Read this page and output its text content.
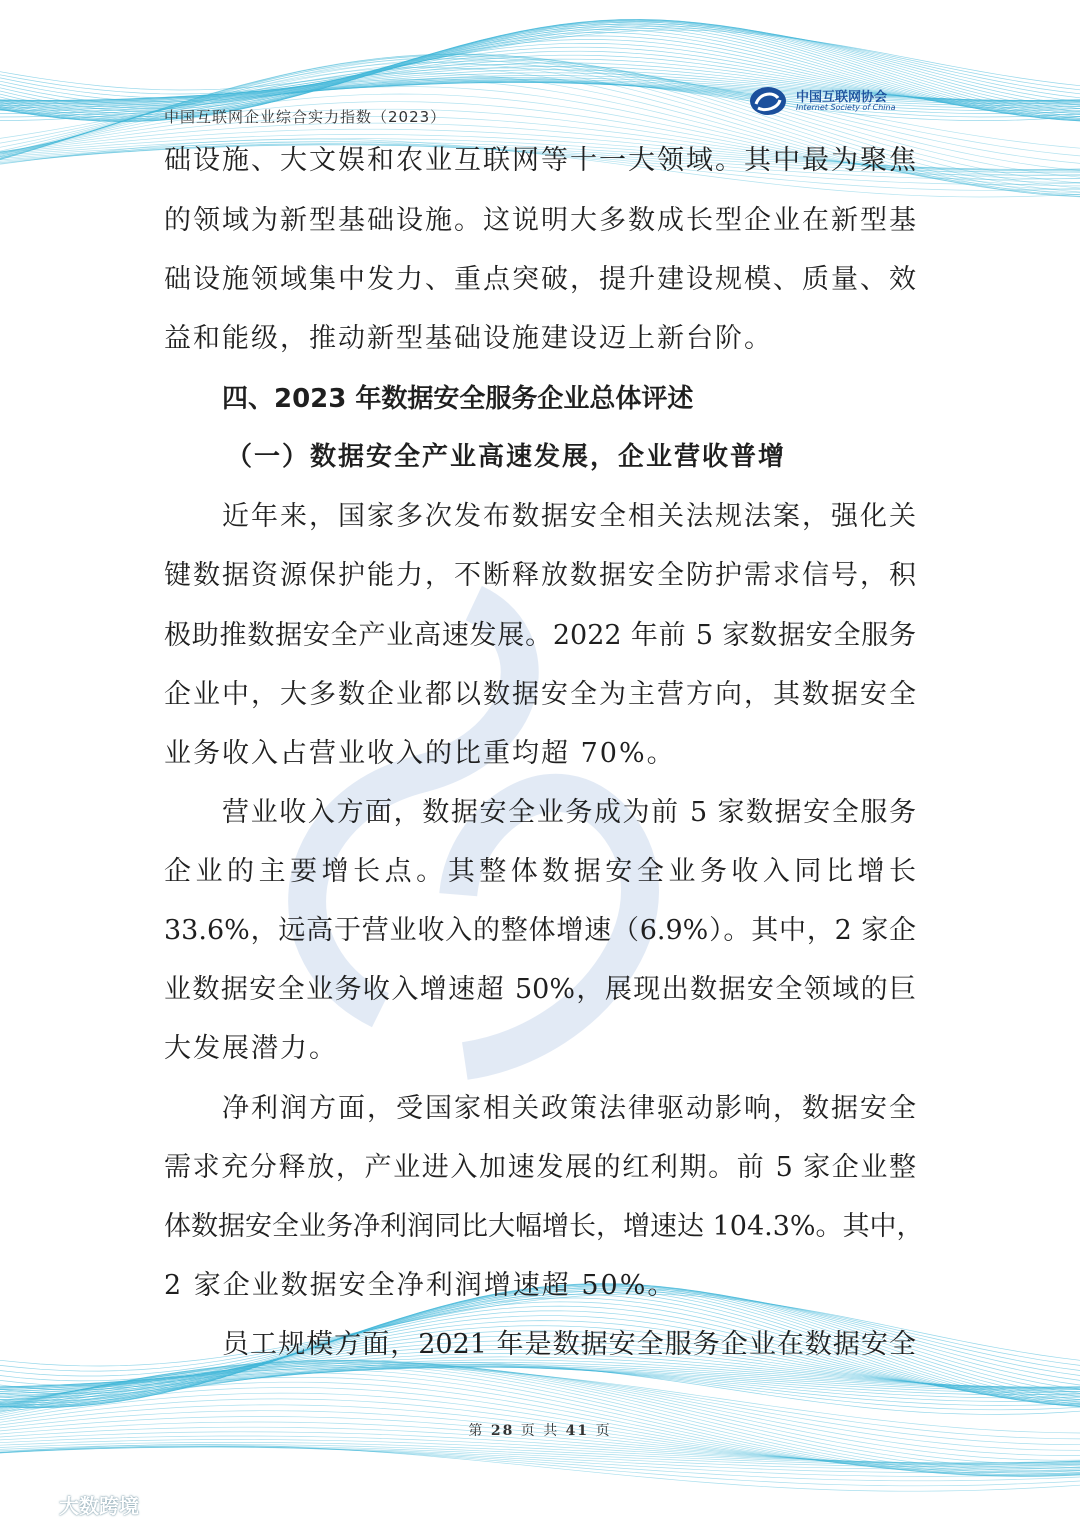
中国互联网企业综合实力指数（2023）
中国互联网协会
Internet Society of China
础设施、大文娱和农业互联网等十一大领域。其中最为聚焦
的领域为新型基础设施。这说明大多数成长型企业在新型基
础设施领域集中发力、重点突破，提升建设规模、质量、效
益和能级，推动新型基础设施建设迈上新台阶。
四、2023 年数据安全服务企业总体评述
（一）数据安全产业高速发展，企业营收普增
近年来，国家多次发布数据安全相关法规法案，强化关
键数据资源保护能力，不断释放数据安全防护需求信号，积
极助推数据安全产业高速发展。2022 年前 5 家数据安全服务
企业中，大多数企业都以数据安全为主营方向，其数据安全
业务收入占营业收入的比重均超 70%。
营业收入方面，数据安全业务成为前 5 家数据安全服务
企业的主要增长点。其整体数据安全业务收入同比增长
33.6%，远高于营业收入的整体增速（6.9%）。其中，2 家企
业数据安全业务收入增速超 50%，展现出数据安全领域的巨
大发展潜力。
净利润方面，受国家相关政策法律驱动影响，数据安全
需求充分释放，产业进入加速发展的红利期。前 5 家企业整
体数据安全业务净利润同比大幅增长，增速达 104.3%。其中，
2 家企业数据安全净利润增速超 50%。
员工规模方面，2021 年是数据安全服务企业在数据安全
第 28 页 共 41 页
大数跨境
